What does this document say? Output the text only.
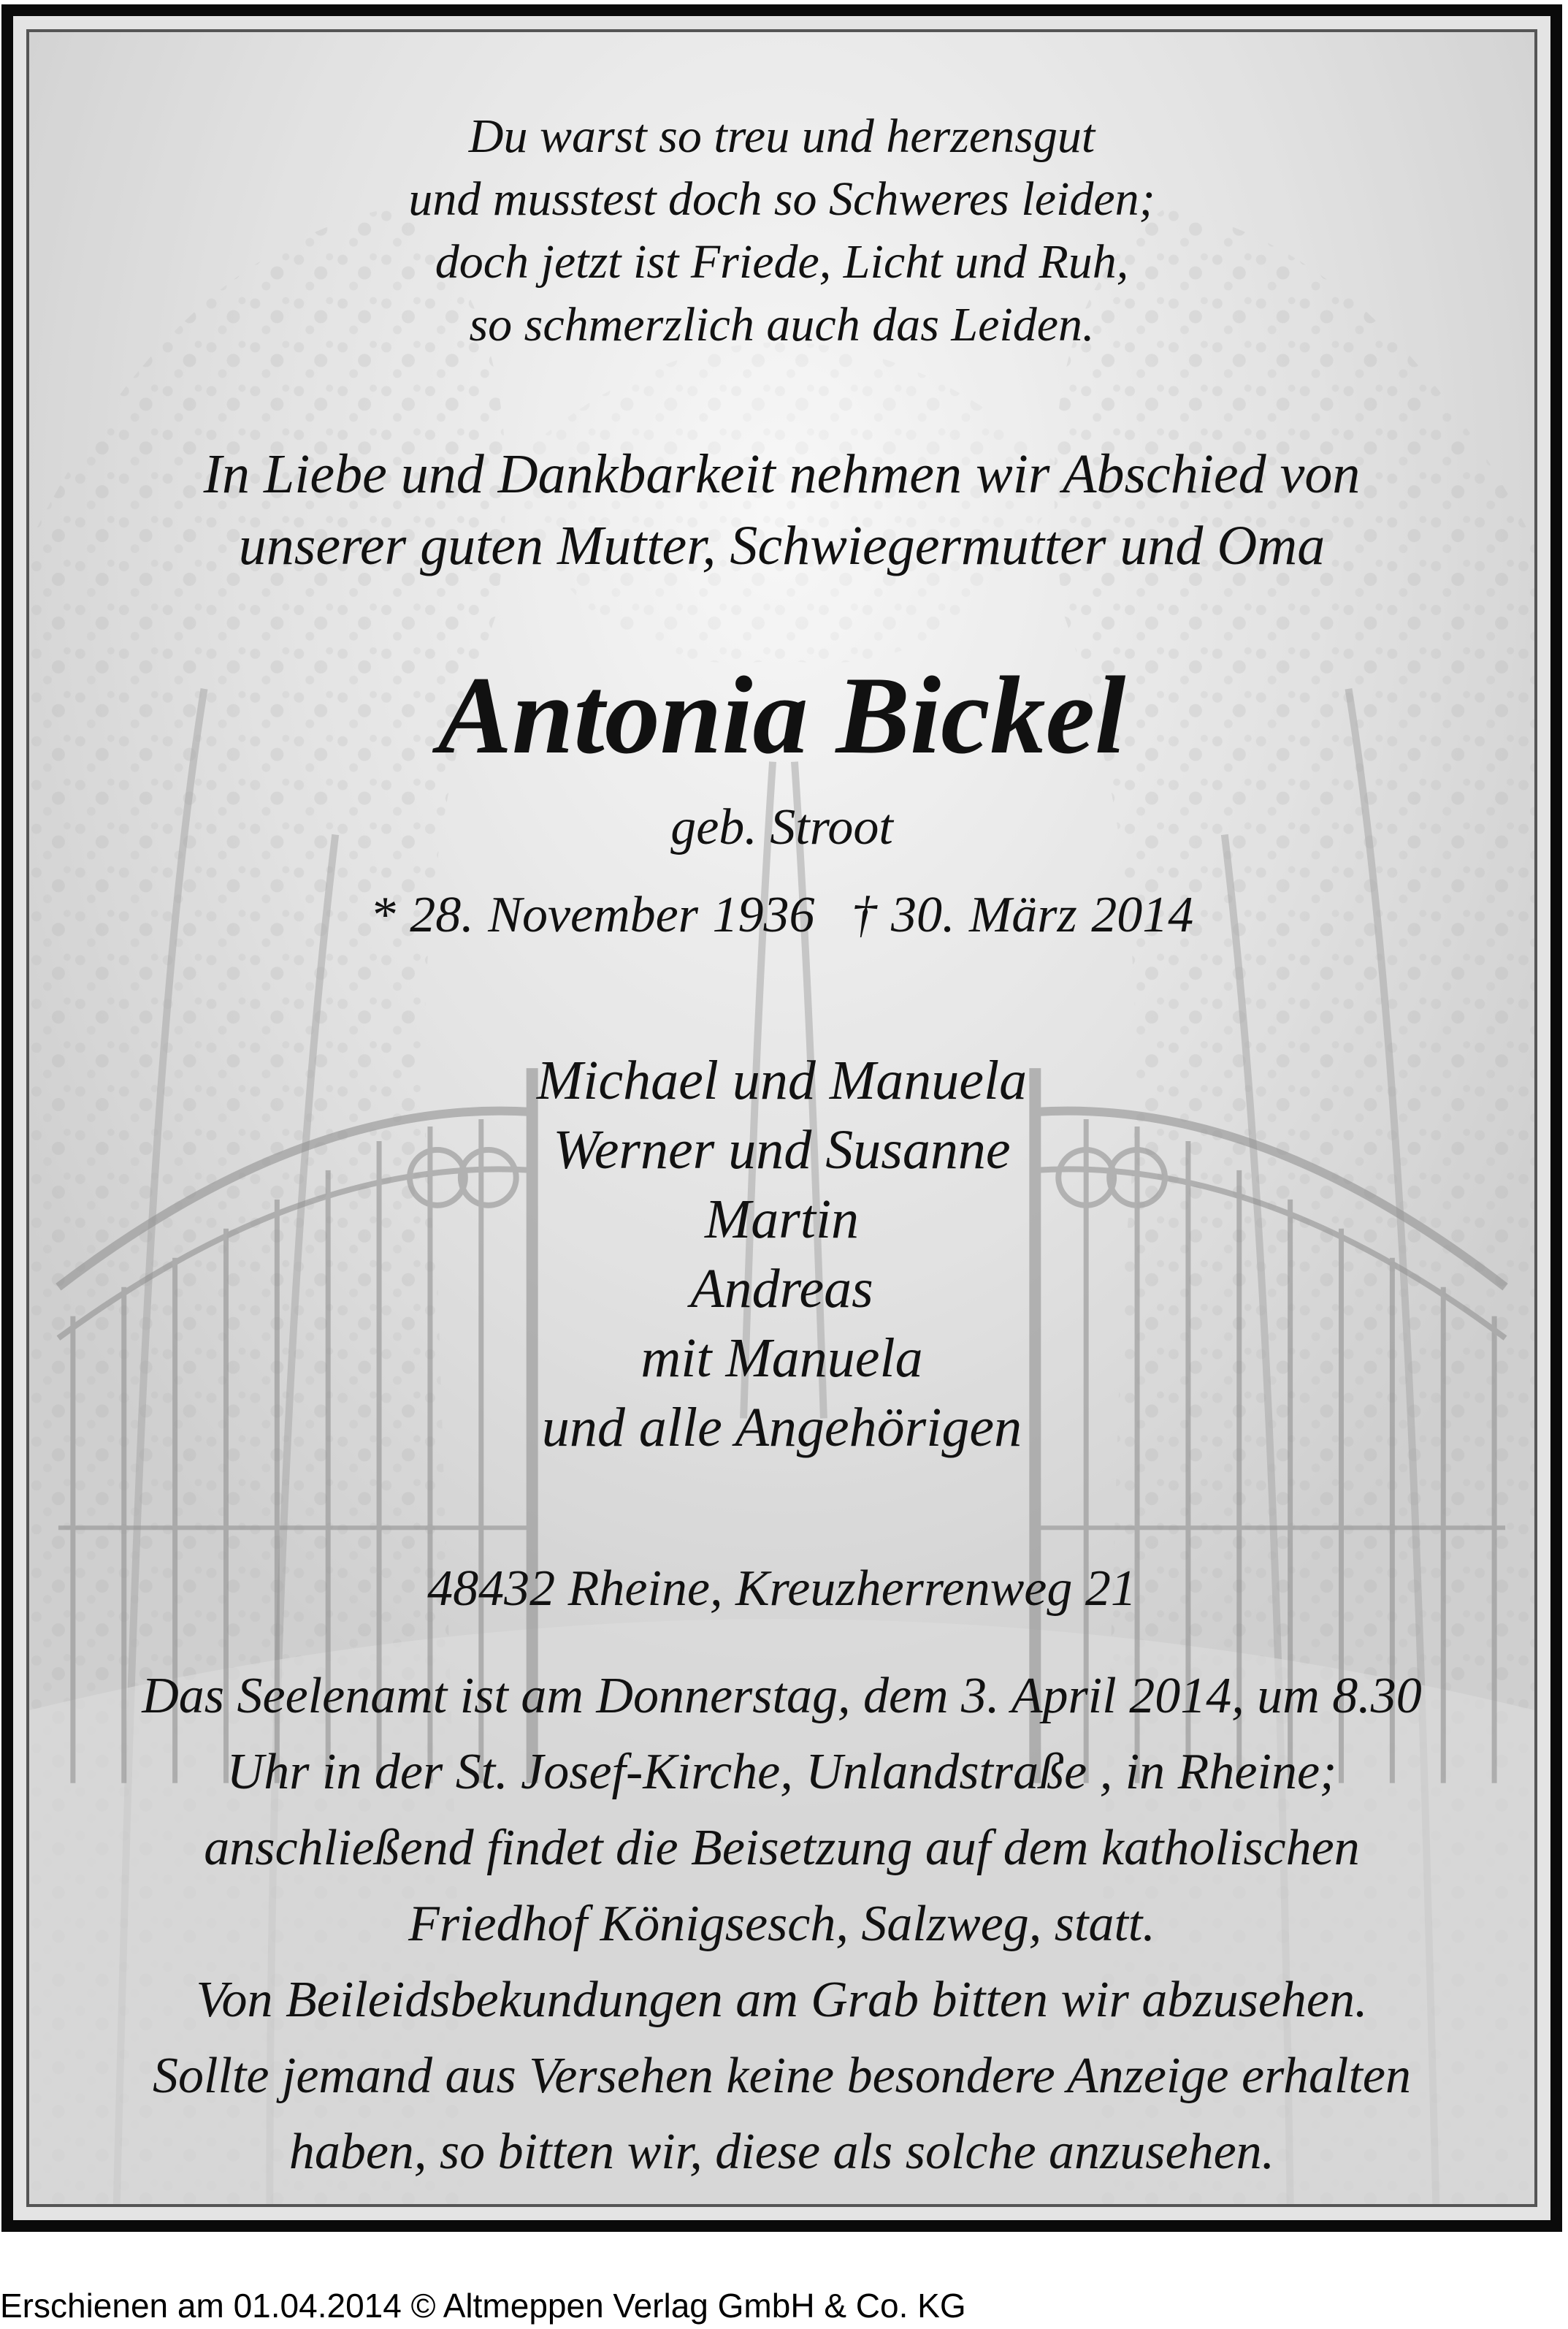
Du warst so treu und herzensgut
und musstest doch so Schweres leiden;
doch jetzt ist Friede, Licht und Ruh,
so schmerzlich auch das Leiden.
In Liebe und Dankbarkeit nehmen wir Abschied von
unserer guten Mutter, Schwiegermutter und Oma
Antonia Bickel
geb. Stroot
* 28. November 1936 † 30. März 2014
Michael und Manuela
Werner und Susanne
Martin
Andreas
mit Manuela
und alle Angehörigen
48432 Rheine, Kreuzherrenweg 21
Das Seelenamt ist am Donnerstag, dem 3. April 2014, um 8.30
Uhr in der St. Josef-Kirche, Unlandstraße , in Rheine;
anschließend findet die Beisetzung auf dem katholischen
Friedhof Königsesch, Salzweg, statt.
Von Beileidsbekundungen am Grab bitten wir abzusehen.
Sollte jemand aus Versehen keine besondere Anzeige erhalten
haben, so bitten wir, diese als solche anzusehen.
Erschienen am 01.04.2014 © Altmeppen Verlag GmbH & Co. KG
